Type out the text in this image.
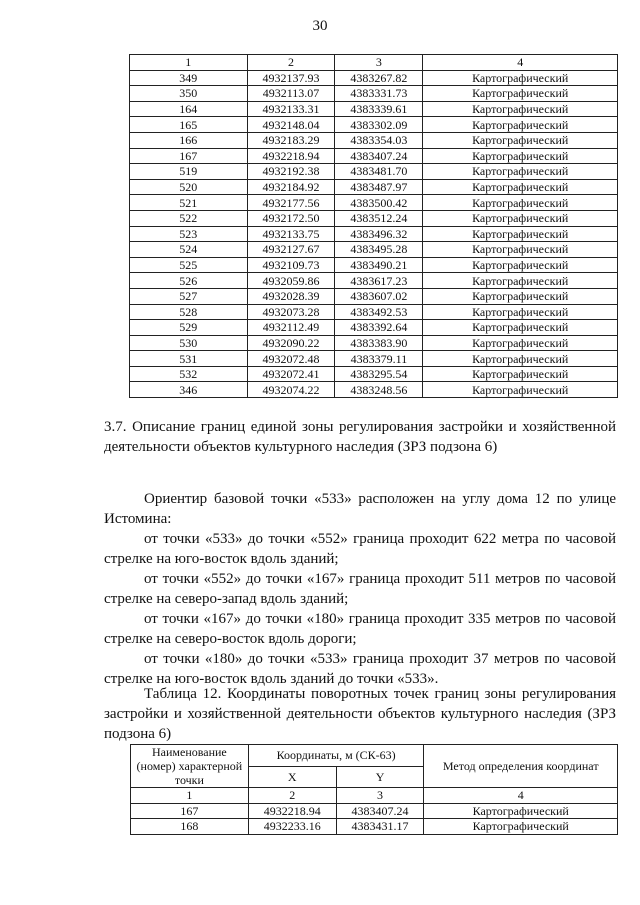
30
1	2	3	4
349	4932137.93	4383267.82	Картографический
350	4932113.07	4383331.73	Картографический
164	4932133.31	4383339.61	Картографический
165	4932148.04	4383302.09	Картографический
166	4932183.29	4383354.03	Картографический
167	4932218.94	4383407.24	Картографический
519	4932192.38	4383481.70	Картографический
520	4932184.92	4383487.97	Картографический
521	4932177.56	4383500.42	Картографический
522	4932172.50	4383512.24	Картографический
523	4932133.75	4383496.32	Картографический
524	4932127.67	4383495.28	Картографический
525	4932109.73	4383490.21	Картографический
526	4932059.86	4383617.23	Картографический
527	4932028.39	4383607.02	Картографический
528	4932073.28	4383492.53	Картографический
529	4932112.49	4383392.64	Картографический
530	4932090.22	4383383.90	Картографический
531	4932072.48	4383379.11	Картографический
532	4932072.41	4383295.54	Картографический
346	4932074.22	4383248.56	Картографический
3.7. Описание границ единой зоны регулирования застройки и хозяйственной деятельности объектов культурного наследия (ЗРЗ подзона 6)
Ориентир базовой точки «533» расположен на углу дома 12 по улице Истомина:
от точки «533» до точки «552» граница проходит 622 метра по часовой стрелке на юго-восток вдоль зданий;
от точки «552» до точки «167» граница проходит 511 метров по часовой стрелке на северо-запад вдоль зданий;
от точки «167» до точки «180» граница проходит 335 метров по часовой стрелке на северо-восток вдоль дороги;
от точки «180» до точки «533» граница проходит 37 метров по часовой стрелке на юго-восток вдоль зданий до точки «533».
Таблица 12. Координаты поворотных точек границ зоны регулирования застройки и хозяйственной деятельности объектов культурного наследия (ЗРЗ подзона 6)
Наименование (номер) характерной точки	Координаты, м (СК-63)		Метод определения координат
	X	Y	
1	2	3	4
167	4932218.94	4383407.24	Картографический
168	4932233.16	4383431.17	Картографический
